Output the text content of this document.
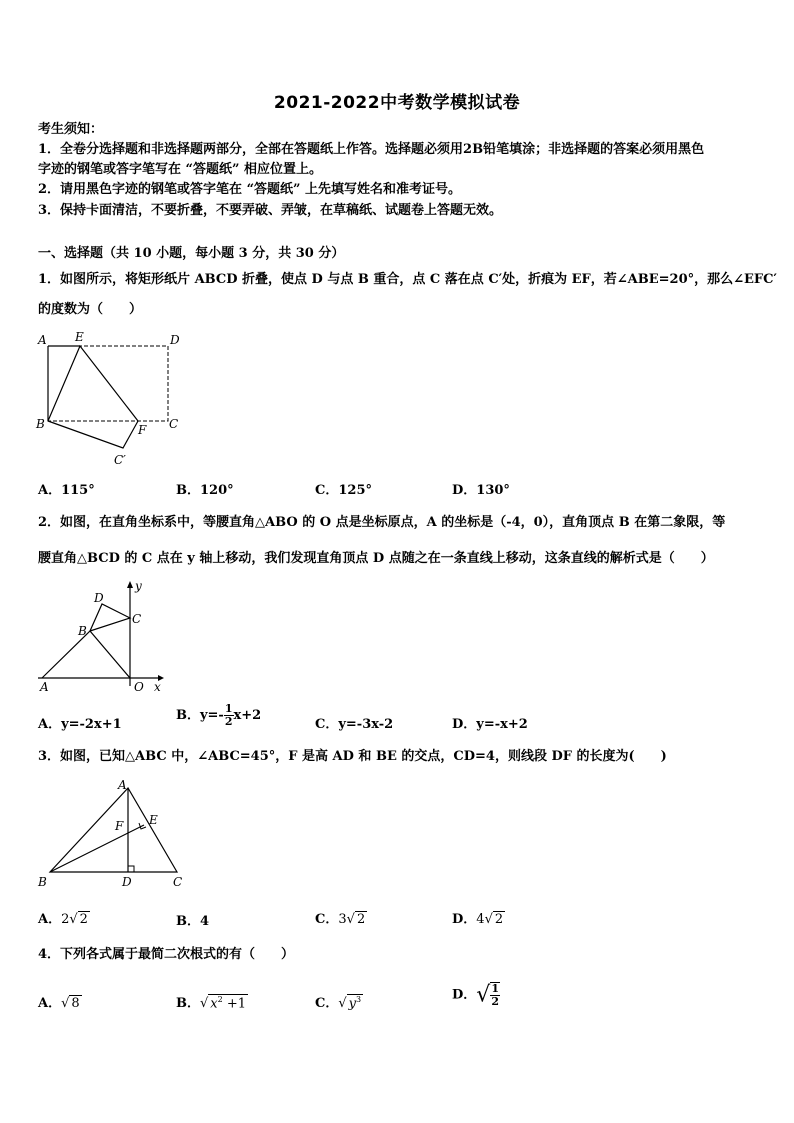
2021-2022中考数学模拟试卷
考生须知：
1．全卷分选择题和非选择题两部分，全部在答题纸上作答。选择题必须用2B铅笔填涂；非选择题的答案必须用黑色
字迹的钢笔或答字笔写在 “答题纸” 相应位置上。
2．请用黑色字迹的钢笔或答字笔在 “答题纸” 上先填写姓名和准考证号。
3．保持卡面清洁，不要折叠，不要弄破、弄皱，在草稿纸、试题卷上答题无效。
一、选择题（共 10 小题，每小题 3 分，共 30 分）
1．如图所示，将矩形纸片 ABCD 折叠，使点 D 与点 B 重合，点 C 落在点 C′处，折痕为 EF，若∠ABE=20°，那么∠EFC′
的度数为（　　）
A E	D
B	F C
C′
A．115°	B．120°	C．125°	D．130°
2．如图，在直角坐标系中，等腰直角△ABO 的 O 点是坐标原点，A 的坐标是（-4，0），直角顶点 B 在第二象限，等
腰直角△BCD 的 C 点在 y 轴上移动，我们发现直角顶点 D 点随之在一条直线上移动，这条直线的解析式是（　　）
y
D
C
B
A	O x
A．y=-2x+1
B．$y=- \frac{1}{2} x+2$
C．y=-3x-2	D．y=-x+2
3．如图，已知△ABC 中，∠ABC=45°，F 是高 AD 和 BE 的交点，CD=4，则线段 DF 的长度为(　　)
A
F E
B	D	C
A．2√ 2	B．4	C．3√ 2	D．4√ 2
4．下列各式属于最简二次根式的有（　　）
A．√ 8	B．√ $x^2 +1$	C．√ $y^3$	D．√ $\frac{1}{2}$
